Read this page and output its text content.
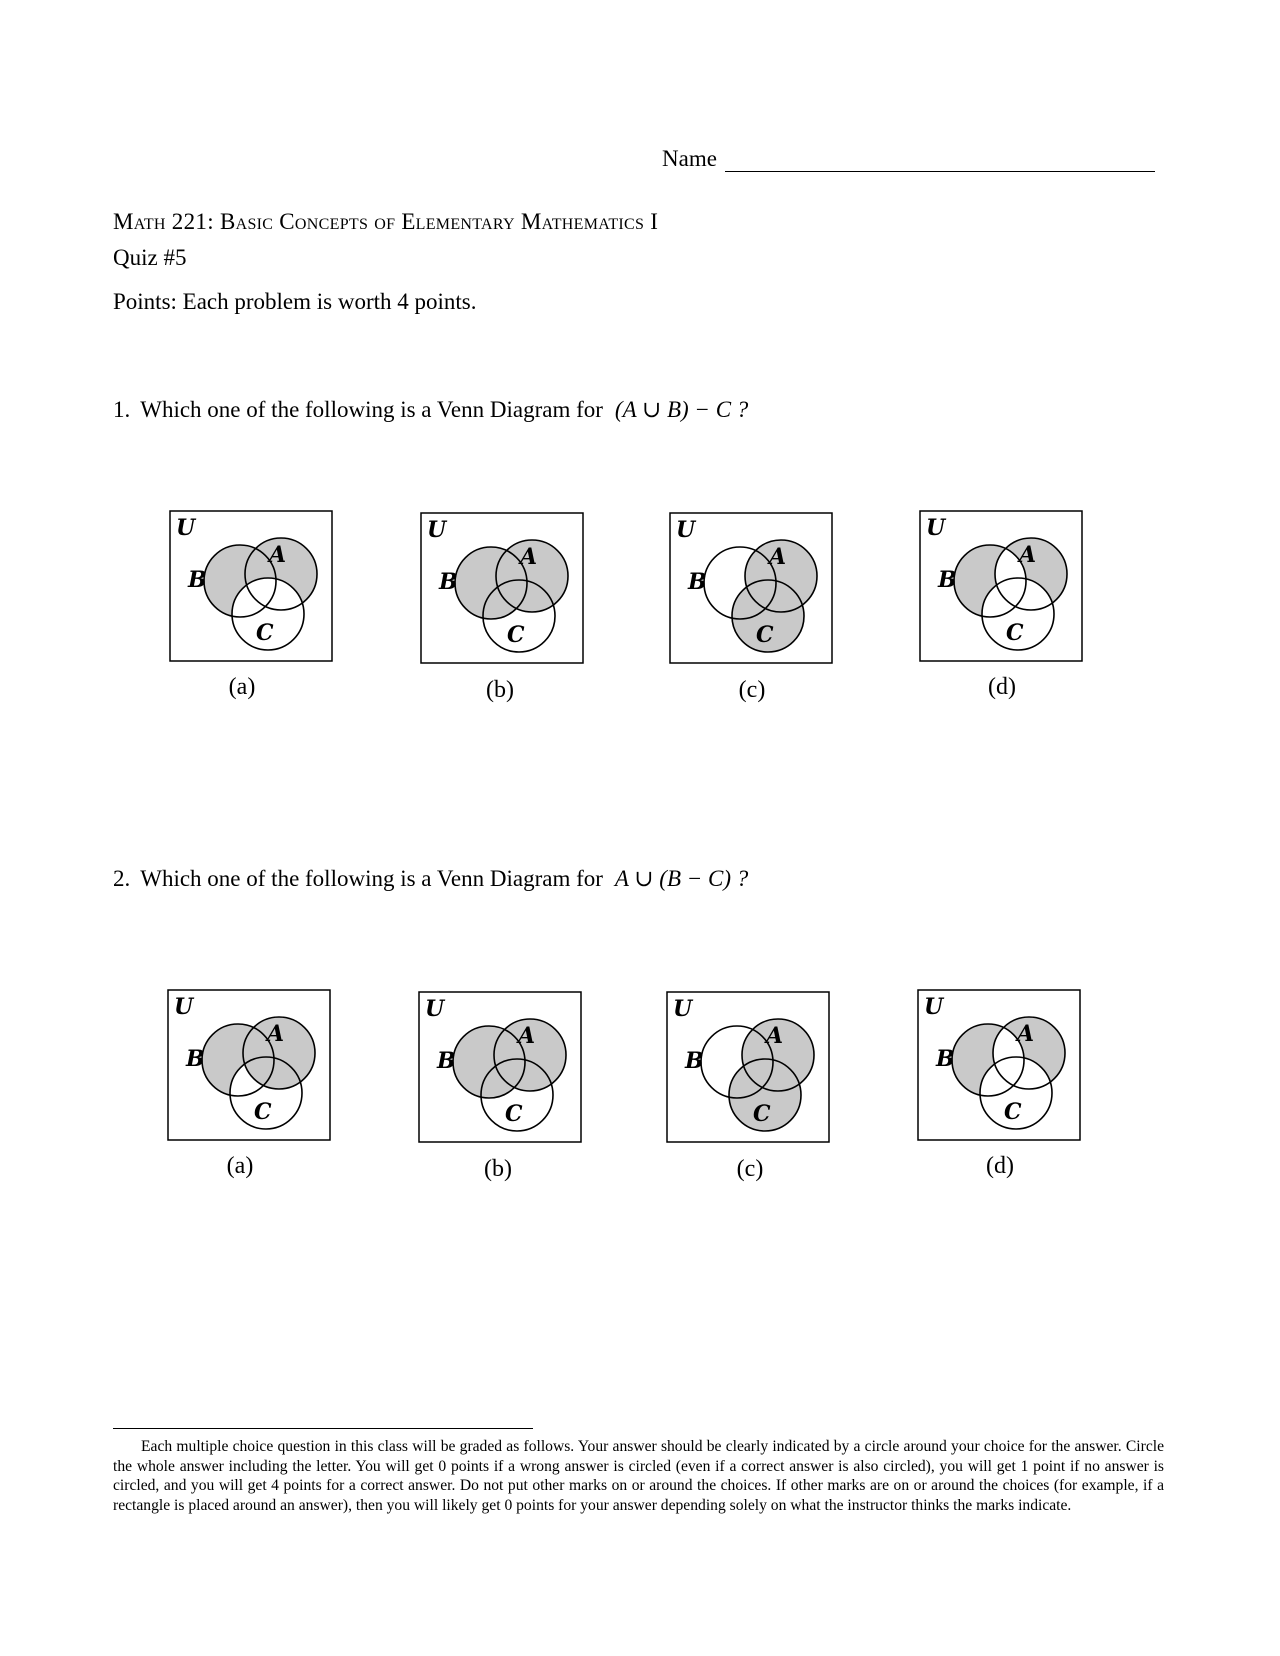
Name
Math 221: Basic Concepts of Elementary Mathematics I
Quiz #5
Points: Each problem is worth 4 points.
1. Which one of the following is a Venn Diagram for (A ∪ B) − C ?
2. Which one of the following is a Venn Diagram for A ∪ (B − C) ?
U
A
B
C
U
A
B
C
U
A
B
C
U
A
B
C
(a)	(b)	(c)	(d)
U
A
B
C
U
A
B
C
U
A
B
C
U
A
B
C
(a)	(b)	(c)	(d)
Each multiple choice question in this class will be graded as follows. Your answer should be clearly indicated by a circle around your choice for the answer. Circle the whole answer including the letter. You will get 0 points if a wrong answer is circled (even if a correct answer is also circled), you will get 1 point if no answer is circled, and you will get 4 points for a correct answer. Do not put other marks on or around the choices. If other marks are on or around the choices (for example, if a rectangle is placed around an answer), then you will likely get 0 points for your answer depending solely on what the instructor thinks the marks indicate.
